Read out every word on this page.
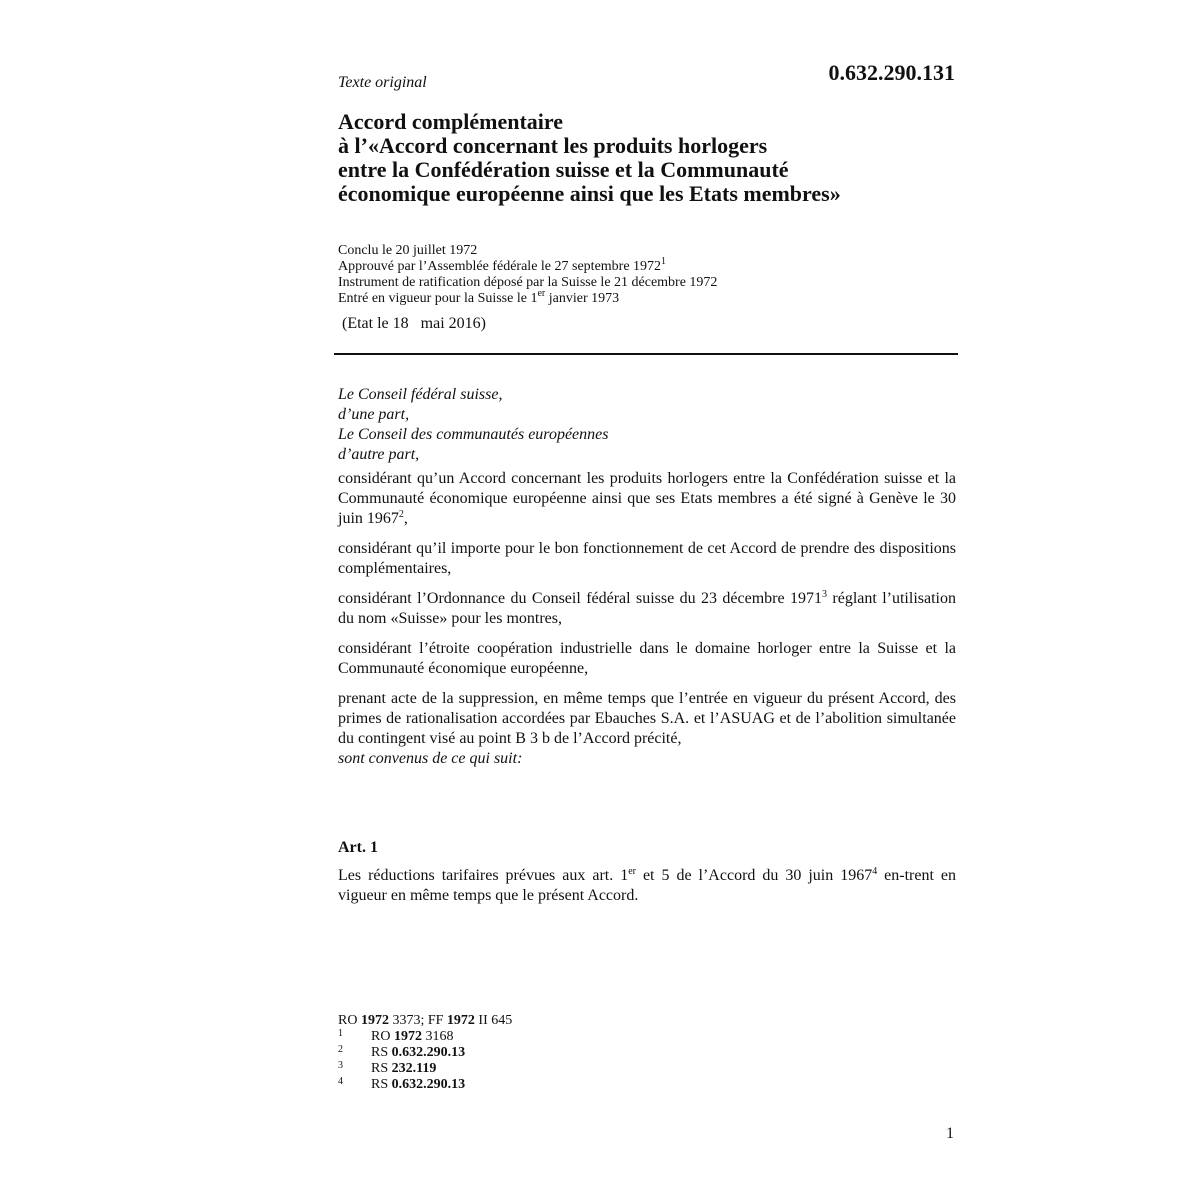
Texte original	0.632.290.131
Accord complémentaire
à l’«Accord concernant les produits horlogers
entre la Confédération suisse et la Communauté
économique européenne ainsi que les Etats membres»
Conclu le 20 juillet 1972
Approuvé par l’Assemblée fédérale le 27 septembre 1972$^1$
Instrument de ratification déposé par la Suisse le 21 décembre 1972
Entré en vigueur pour la Suisse le 1er janvier 1973
(Etat le 18   mai 2016)
Le Conseil fédéral suisse,
d’une part,
Le Conseil des communautés européennes
d’autre part,

considérant qu’un Accord concernant les produits horlogers entre la Confédération suisse et la Communauté économique européenne ainsi que ses Etats membres a été signé à Genève le 30 juin 1967$^2$,

considérant qu’il importe pour le bon fonctionnement de cet Accord de prendre des dispositions complémentaires,

considérant l’Ordonnance du Conseil fédéral suisse du 23 décembre 1971$^3$ réglant l’utilisation du nom «Suisse» pour les montres,

considérant l’étroite coopération industrielle dans le domaine horloger entre la Suisse et la Communauté économique européenne,

prenant acte de la suppression, en même temps que l’entrée en vigueur du présent Accord, des primes de rationalisation accordées par Ebauches S.A. et l’ASUAG et de l’abolition simultanée du contingent visé au point B 3 b de l’Accord précité,

sont convenus de ce qui suit:
Art. 1
Les réductions tarifaires prévues aux art. 1er et 5 de l’Accord du 30 juin 1967$^4$ en-trent en vigueur en même temps que le présent Accord.
RO 1972 3373; FF 1972 II 645
1 RO 1972 3168
2 RS 0.632.290.13
3 RS 232.119
4 RS 0.632.290.13
1
